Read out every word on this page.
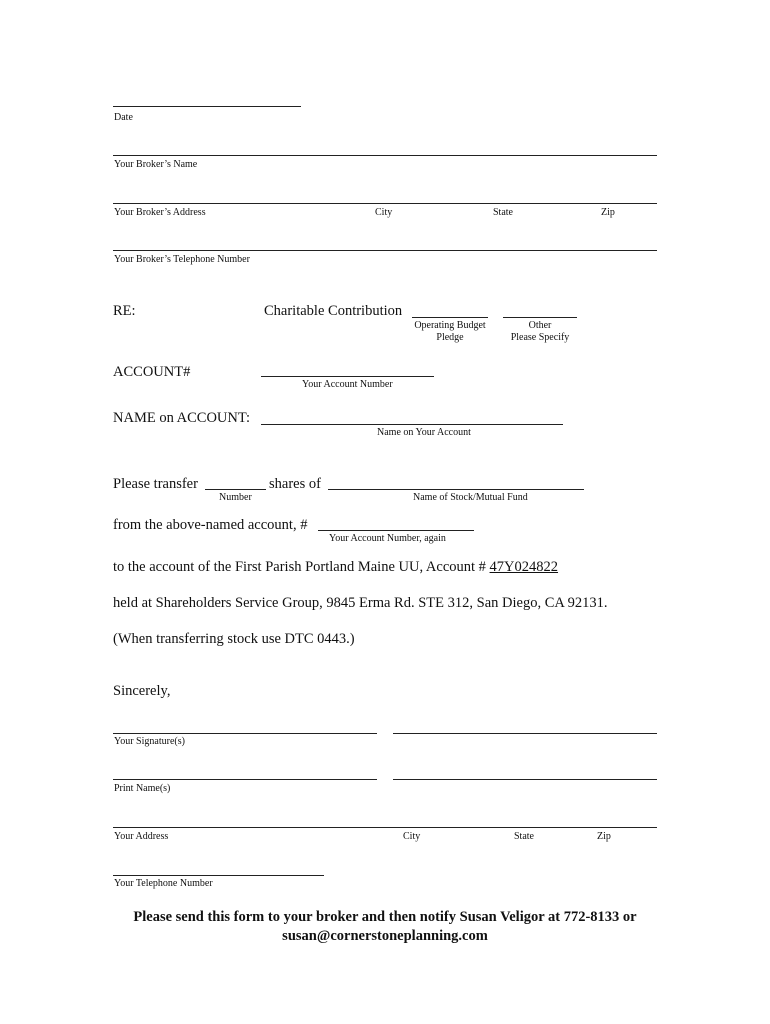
Date
Your Broker’s Name
Your Broker’s Address	City	State	Zip
Your Broker’s Telephone Number
RE:	Charitable Contribution
Operating Budget
Pledge
Other
Please Specify
ACCOUNT#
Your Account Number
NAME on ACCOUNT:
Name on Your Account
Please transfer	shares of
Number	Name of Stock/Mutual Fund
from the above-named account, #
Your Account Number, again
to the account of the First Parish Portland Maine UU, Account # 47Y024822
held at Shareholders Service Group, 9845 Erma Rd. STE 312, San Diego, CA 92131.
(When transferring stock use DTC 0443.)
Sincerely,
Your Signature(s)
Print Name(s)
Your Address	City	State	Zip
Your Telephone Number
Please send this form to your broker and then notify Susan Veligor at 772-8133 or
susan@cornerstoneplanning.com
